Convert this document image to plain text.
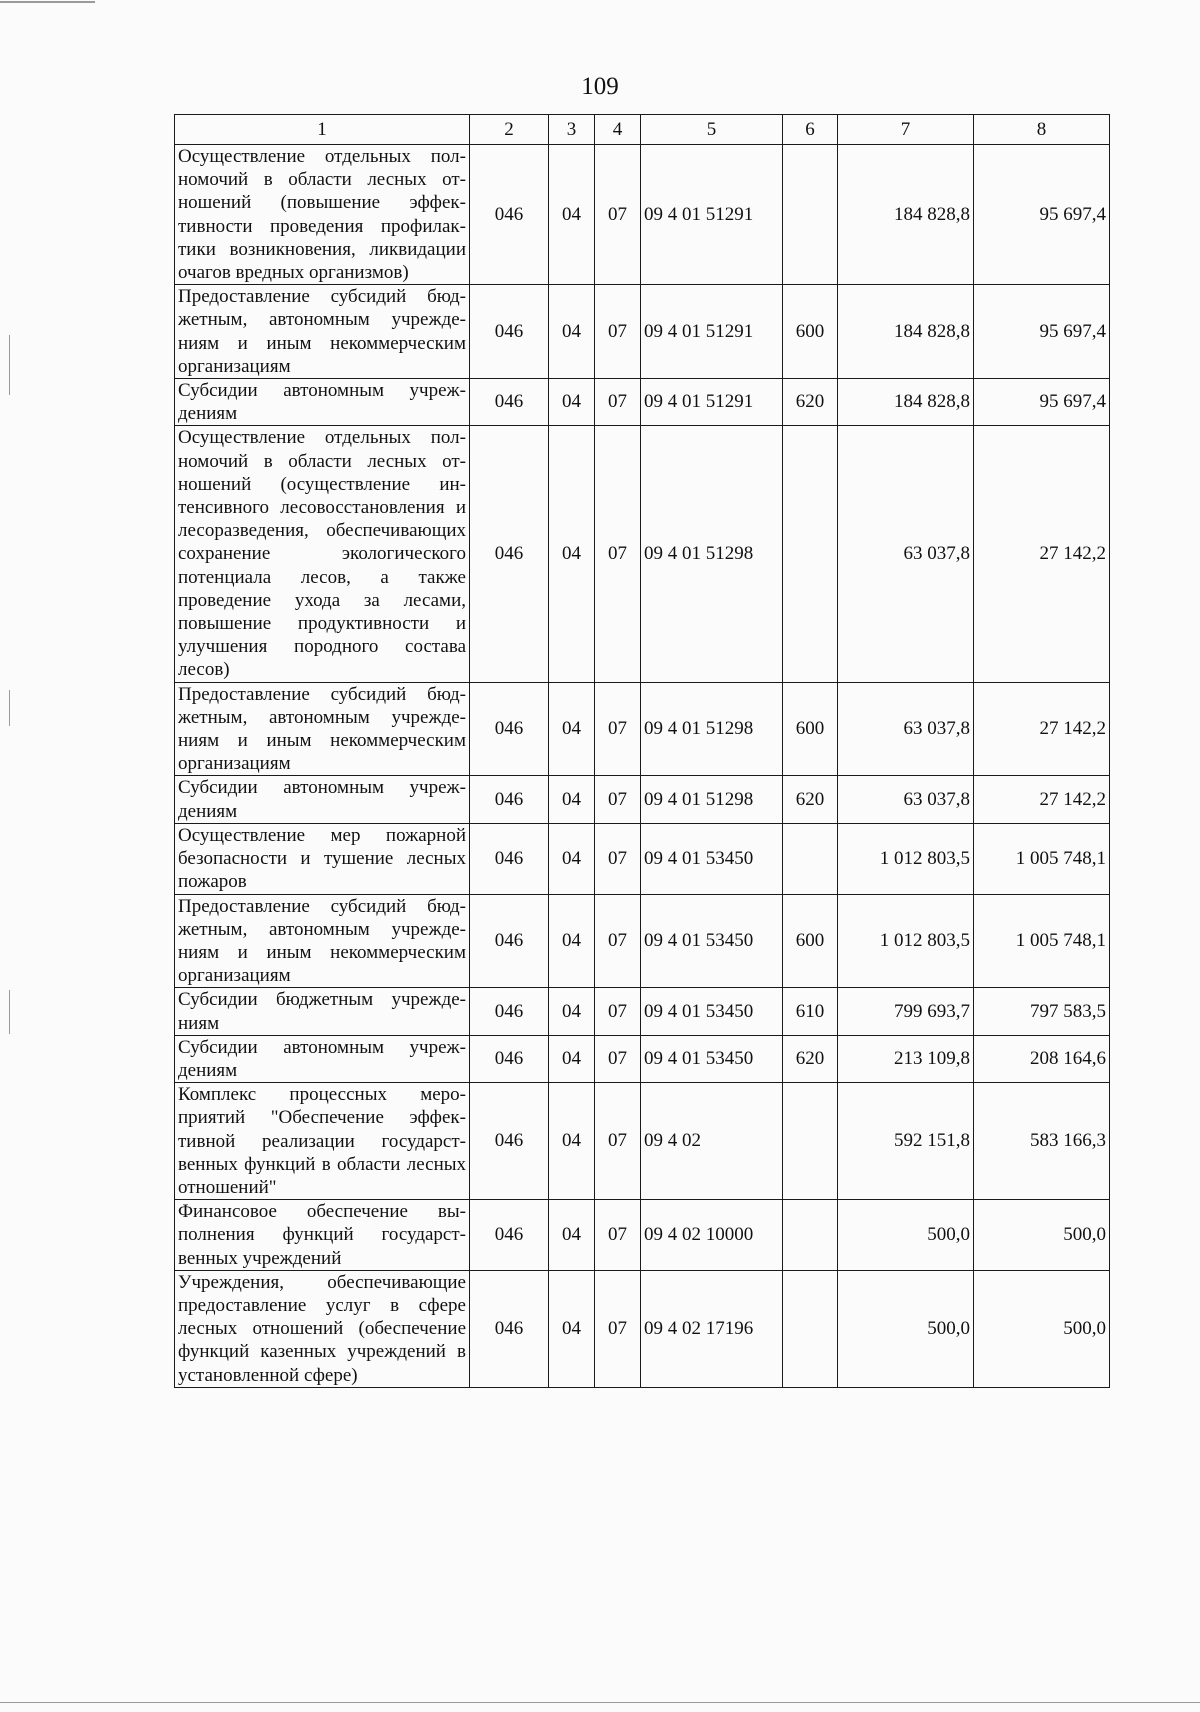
109
1	2	3	4	5	6	7	8
Осуществление отдельных полномочий в области лесных отношений (повышение эффективности проведения профилактики возникновения, ликвидации очагов вредных организмов)	046	04	07	09 4 01 51291		184 828,8	95 697,4
Предоставление субсидий бюджетным, автономным учреждениям и иным некоммерческим организациям	046	04	07	09 4 01 51291	600	184 828,8	95 697,4
Субсидии автономным учреждениям	046	04	07	09 4 01 51291	620	184 828,8	95 697,4
Осуществление отдельных полномочий в области лесных отношений (осуществление интенсивного лесовосстановления и лесоразведения, обеспечивающих сохранение экологического потенциала лесов, а также проведение ухода за лесами, повышение продуктивности и улучшения породного состава лесов)	046	04	07	09 4 01 51298		63 037,8	27 142,2
Предоставление субсидий бюджетным, автономным учреждениям и иным некоммерческим организациям	046	04	07	09 4 01 51298	600	63 037,8	27 142,2
Субсидии автономным учреждениям	046	04	07	09 4 01 51298	620	63 037,8	27 142,2
Осуществление мер пожарной безопасности и тушение лесных пожаров	046	04	07	09 4 01 53450		1 012 803,5	1 005 748,1
Предоставление субсидий бюджетным, автономным учреждениям и иным некоммерческим организациям	046	04	07	09 4 01 53450	600	1 012 803,5	1 005 748,1
Субсидии бюджетным учреждениям	046	04	07	09 4 01 53450	610	799 693,7	797 583,5
Субсидии автономным учреждениям	046	04	07	09 4 01 53450	620	213 109,8	208 164,6
Комплекс процессных мероприятий "Обеспечение эффективной реализации государственных функций в области лесных отношений"	046	04	07	09 4 02		592 151,8	583 166,3
Финансовое обеспечение выполнения функций государственных учреждений	046	04	07	09 4 02 10000		500,0	500,0
Учреждения, обеспечивающие предоставление услуг в сфере лесных отношений (обеспечение функций казенных учреждений в установленной сфере)	046	04	07	09 4 02 17196		500,0	500,0
